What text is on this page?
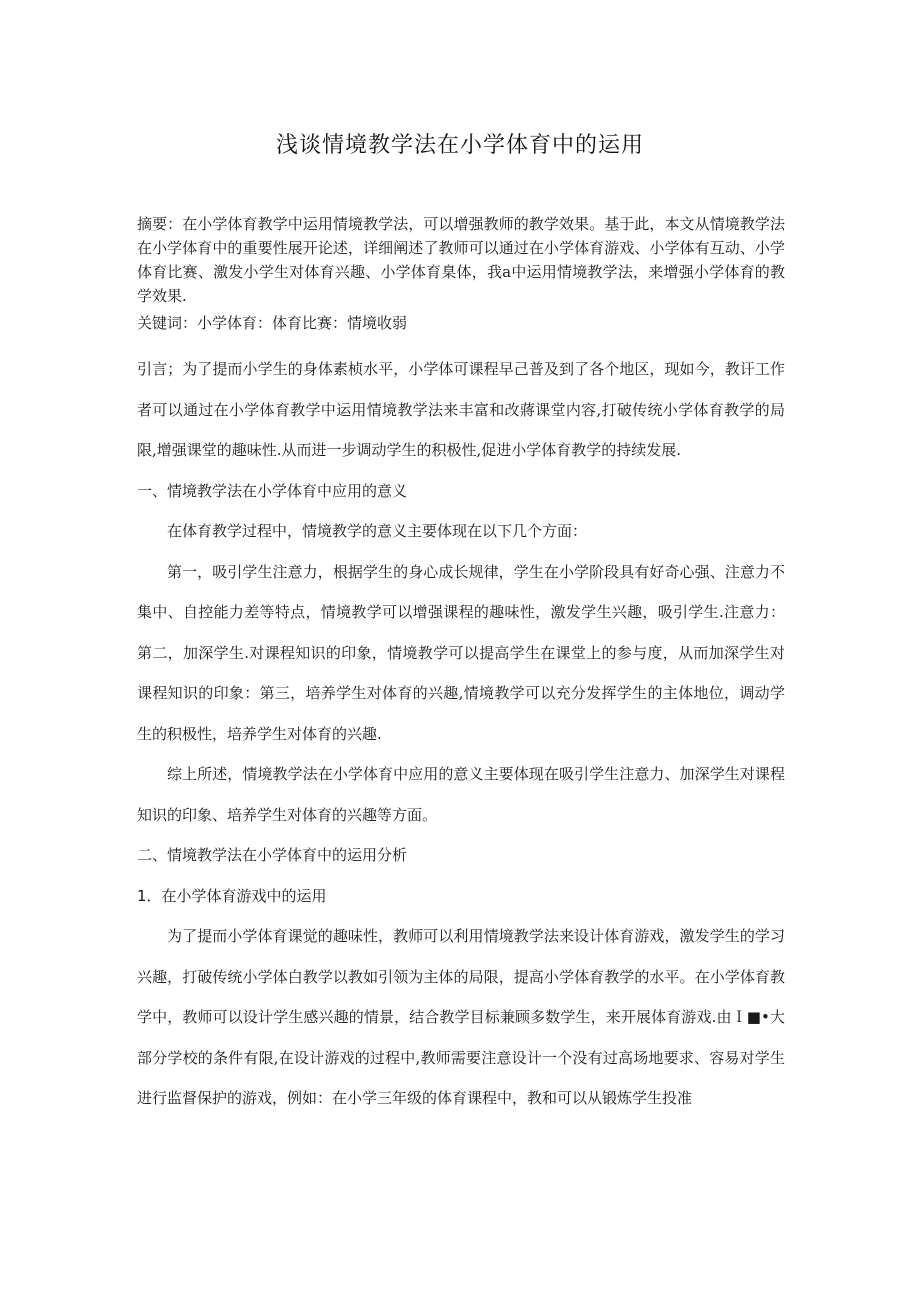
浅谈情境教学法在小学体育中的运用

摘要：在小学体育教学中运用情境教学法，可以增强教师的教学效果。基于此，本文从情境教学法在小学体育中的重要性展开论述，详细阐述了教师可以通过在小学体育游戏、小学体有互动、小学体育比赛、激发小学生对体育兴趣、小学体育臬体，我a中运用情境教学法，来增强小学体育的教学效果.

关键词：小学体育：体育比赛：情境收弱

引言；为了提而小学生的身体素桢水平，小学体可课程早己普及到了各个地区，现如今，教讦工作者可以通过在小学体育教学中运用情境教学法来丰富和改蔣课堂内容,打破传统小学体育教学的局限,增强课堂的趣味性.从而进一步调动学生的积极性,促进小学体育教学的持续发展.

一、情境教学法在小学体育中应用的意义

在体育教学过程中，情境教学的意义主要体现在以下几个方面：

第一，吸引学生注意力，根据学生的身心成长规律，学生在小学阶段具有好奇心强、注意力不集中、自控能力差等特点，情境教学可以增强课程的趣味性，激发学生兴趣，吸引学生.注意力：第二，加深学生.对课程知识的印象，情境教学可以提高学生在课堂上的参与度，从而加深学生对课程知识的印象：第三，培养学生对体育的兴趣,情境教学可以充分发挥学生的主体地位，调动学生的积极性，培养学生对体育的兴趣.

综上所述，情境教学法在小学体育中应用的意义主要体现在吸引学生注意力、加深学生对课程知识的印象、培养学生对体育的兴趣等方面。

二、情境教学法在小学体育中的运用分析

1．在小学体育游戏中的运用

为了提而小学体育课觉的趣味性，教师可以利用情境教学法来设计体育游戏，激发学生的学习兴趣，打破传统小学体白教学以教如引领为主体的局限，提高小学体育教学的水平。在小学体育教学中，教师可以设计学生感兴趣的情景，结合教学目标兼顾多数学生，来开展体育游戏.由Ｉ■•大部分学校的条件有限,在设计游戏的过程中,教师需要注意设计一个没有过高场地要求、容易对学生进行监督保护的游戏，例如：在小学三年级的体育课程中，教和可以从锻炼学生投准
